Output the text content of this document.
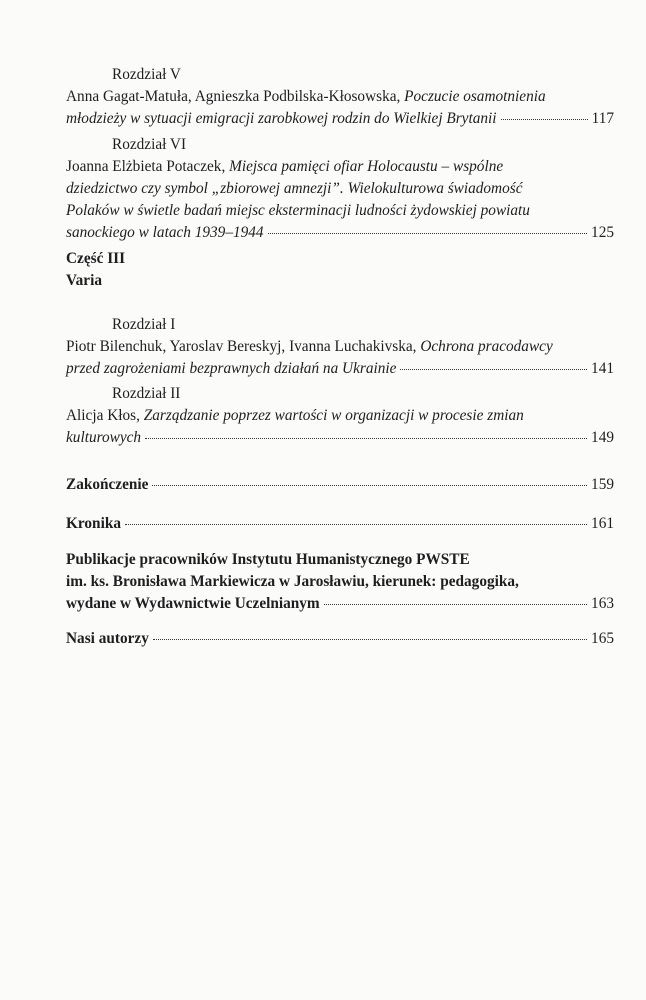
Rozdział V
Anna Gagat-Matuła, Agnieszka Podbilska-Kłosowska, Poczucie osamotnienia
młodzieży w sytuacji emigracji zarobkowej rodzin do Wielkiej Brytanii	117
Rozdział VI
Joanna Elżbieta Potaczek, Miejsca pamięci ofiar Holocaustu – wspólne
dziedzictwo czy symbol „zbiorowej amnezji”. Wielokulturowa świadomość
Polaków w świetle badań miejsc eksterminacji ludności żydowskiej powiatu
sanockiego w latach 1939–1944	125
Część III
Varia
Rozdział I
Piotr Bilenchuk, Yaroslav Bereskyj, Ivanna Luchakivska, Ochrona pracodawcy
przed zagrożeniami bezprawnych działań na Ukrainie	141
Rozdział II
Alicja Kłos, Zarządzanie poprzez wartości w organizacji w procesie zmian
kulturowych	149
Zakończenie	159
Kronika	161
Publikacje pracowników Instytutu Humanistycznego PWSTE
im. ks. Bronisława Markiewicza w Jarosławiu, kierunek: pedagogika,
wydane w Wydawnictwie Uczelnianym	163
Nasi autorzy	165
